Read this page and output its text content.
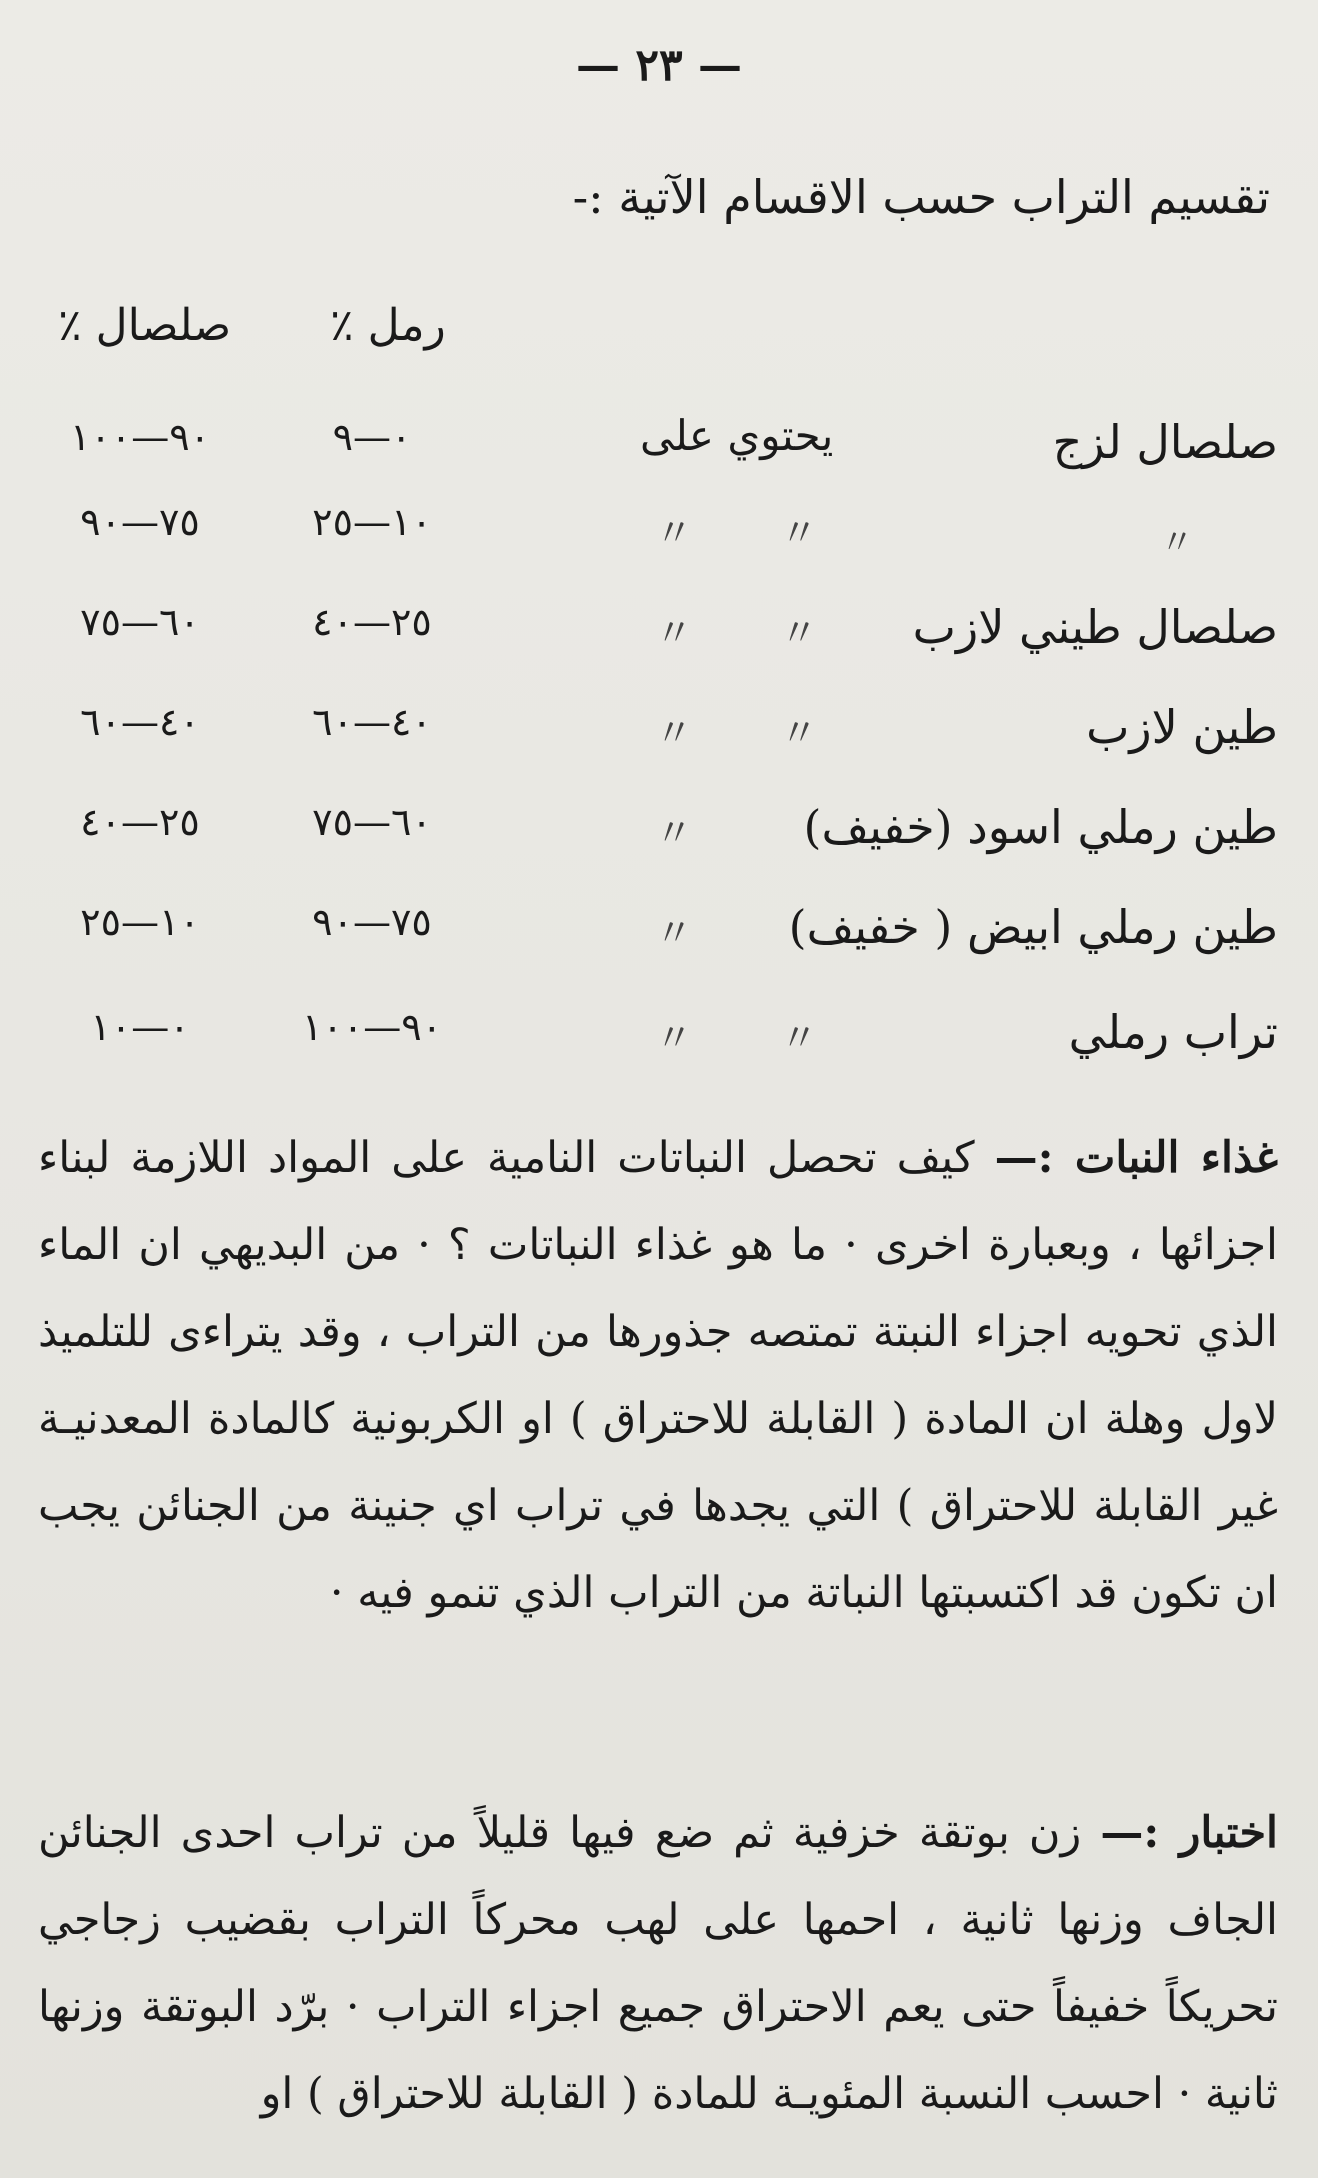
— ٢٣ —
تقسيم التراب حسب الاقسام الآتية :-
صلصال ٪ رمل ٪
صلصال لزج
يحتوي على
٠—٩
٩٠—١٠٠
〃 〃
١٠—٢٥
٧٥—٩٠	〃
صلصال طيني لازب
〃 〃
٢٥—٤٠
٦٠—٧٥
طين لازب
〃 〃
٤٠—٦٠
٤٠—٦٠
طين رملي اسود (خفيف)
〃
٦٠—٧٥
٢٥—٤٠
طين رملي ابيض ( خفيف)
〃
٧٥—٩٠
١٠—٢٥
تراب رملي
〃 〃
٩٠—١٠٠
٠—١٠
غذاء النبات :— كيف تحصل النباتات النامية على المواد اللازمة لبناء اجزائها ، وبعبارة اخرى · ما هو غذاء النباتات ؟ · من البديهي ان الماء الذي تحويه اجزاء النبتة تمتصه جذورها من التراب ، وقد يتراءى للتلميذ لاول وهلة ان المادة ( القابلة للاحتراق ) او الكربونية كالمادة المعدنيـة غير القابلة للاحتراق ) التي يجدها في تراب اي جنينة من الجنائن يجب ان تكون قد اكتسبتها النباتة من التراب الذي تنمو فيه ·
اختبار :— زن بوتقة خزفية ثم ضع فيها قليلاً من تراب احدى الجنائن الجاف وزنها ثانية ، احمها على لهب محركاً التراب بقضيب زجاجي تحريكاً خفيفاً حتى يعم الاحتراق جميع اجزاء التراب · برّد البوتقة وزنها ثانية · احسب النسبة المئويـة للمادة ( القابلة للاحتراق ) او
